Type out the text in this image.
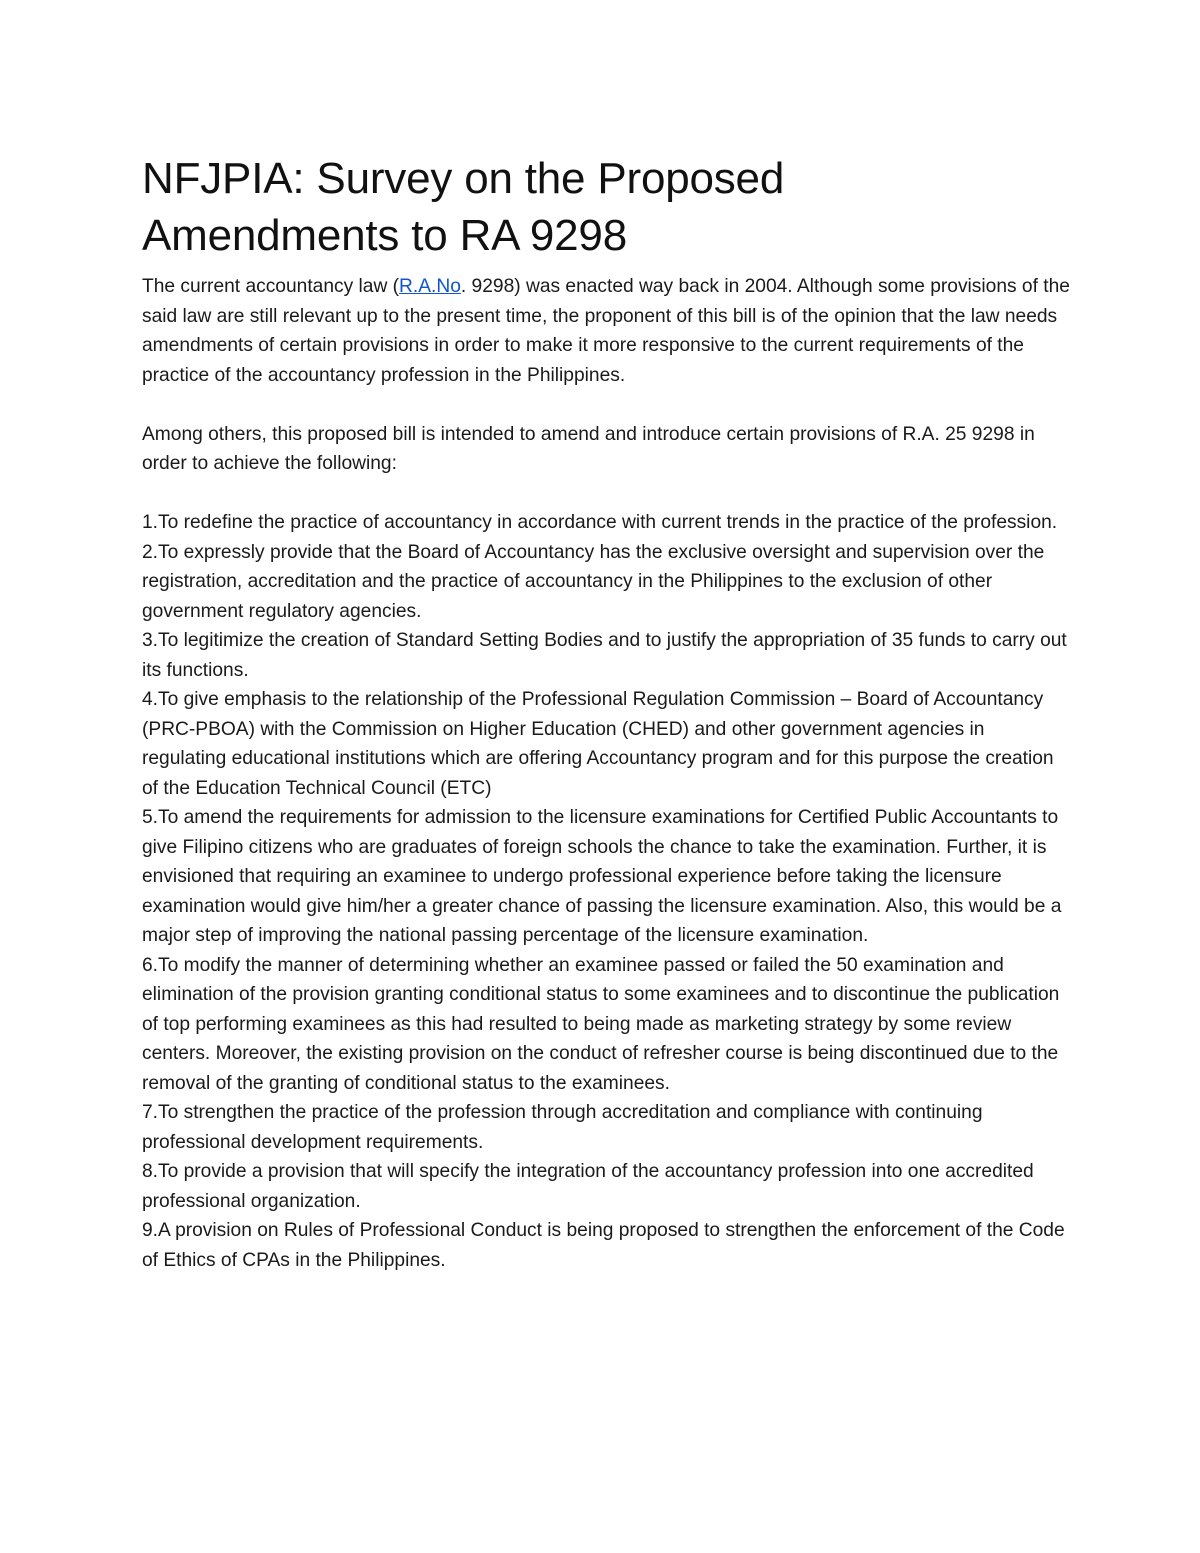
NFJPIA: Survey on the Proposed
Amendments to RA 9298

The current accountancy law (R.A.No. 9298) was enacted way back in 2004. Although some provisions of the said law are still relevant up to the present time, the proponent of this bill is of the opinion that the law needs amendments of certain provisions in order to make it more responsive to the current requirements of the practice of the accountancy profession in the Philippines.

Among others, this proposed bill is intended to amend and introduce certain provisions of R.A. 25 9298 in order to achieve the following:

1.To redefine the practice of accountancy in accordance with current trends in the practice of the profession.
2.To expressly provide that the Board of Accountancy has the exclusive oversight and supervision over the registration, accreditation and the practice of accountancy in the Philippines to the exclusion of other government regulatory agencies.
3.To legitimize the creation of Standard Setting Bodies and to justify the appropriation of 35 funds to carry out its functions.
4.To give emphasis to the relationship of the Professional Regulation Commission – Board of Accountancy (PRC-PBOA) with the Commission on Higher Education (CHED) and other government agencies in regulating educational institutions which are offering Accountancy program and for this purpose the creation of the Education Technical Council (ETC)
5.To amend the requirements for admission to the licensure examinations for Certified Public Accountants to give Filipino citizens who are graduates of foreign schools the chance to take the examination. Further, it is envisioned that requiring an examinee to undergo professional experience before taking the licensure examination would give him/her a greater chance of passing the licensure examination. Also, this would be a major step of improving the national passing percentage of the licensure examination.
6.To modify the manner of determining whether an examinee passed or failed the 50 examination and elimination of the provision granting conditional status to some examinees and to discontinue the publication of top performing examinees as this had resulted to being made as marketing strategy by some review centers. Moreover, the existing provision on the conduct of refresher course is being discontinued due to the removal of the granting of conditional status to the examinees.
7.To strengthen the practice of the profession through accreditation and compliance with continuing professional development requirements.
8.To provide a provision that will specify the integration of the accountancy profession into one accredited professional organization.
9.A provision on Rules of Professional Conduct is being proposed to strengthen the enforcement of the Code of Ethics of CPAs in the Philippines.
